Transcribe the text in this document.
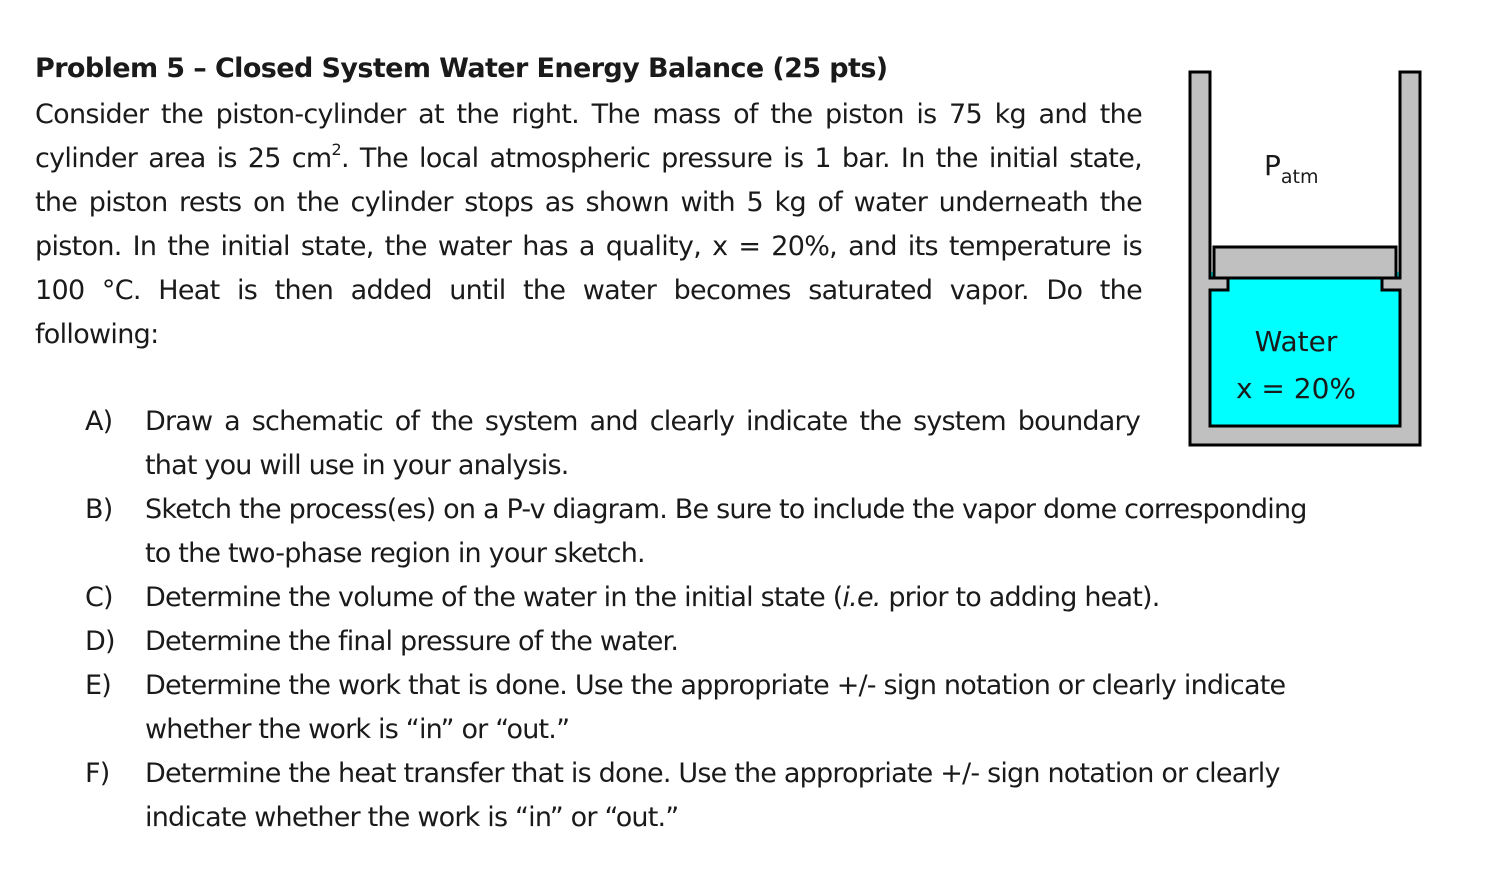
Problem 5 – Closed System Water Energy Balance (25 pts)
Consider the piston-cylinder at the right. The mass of the piston is 75 kg and the cylinder area is 25 $cm^2$. The local atmospheric pressure is 1 bar. In the initial state, the piston rests on the cylinder stops as shown with 5 kg of water underneath the piston. In the initial state, the water has a quality, x = 20%, and its temperature is 100 °C. Heat is then added until the water becomes saturated vapor. Do the following:
A) Draw a schematic of the system and clearly indicate the system boundary that you will use in your analysis.
B) Sketch the process(es) on a P-v diagram. Be sure to include the vapor dome corresponding
to the two-phase region in your sketch.
C) Determine the volume of the water in the initial state (i.e. prior to adding heat).
D) Determine the final pressure of the water.
E) Determine the work that is done. Use the appropriate +/- sign notation or clearly indicate
whether the work is “in” or “out.”
F) Determine the heat transfer that is done. Use the appropriate +/- sign notation or clearly
indicate whether the work is “in” or “out.”
$P_{atm}$
Water
x = 20%
